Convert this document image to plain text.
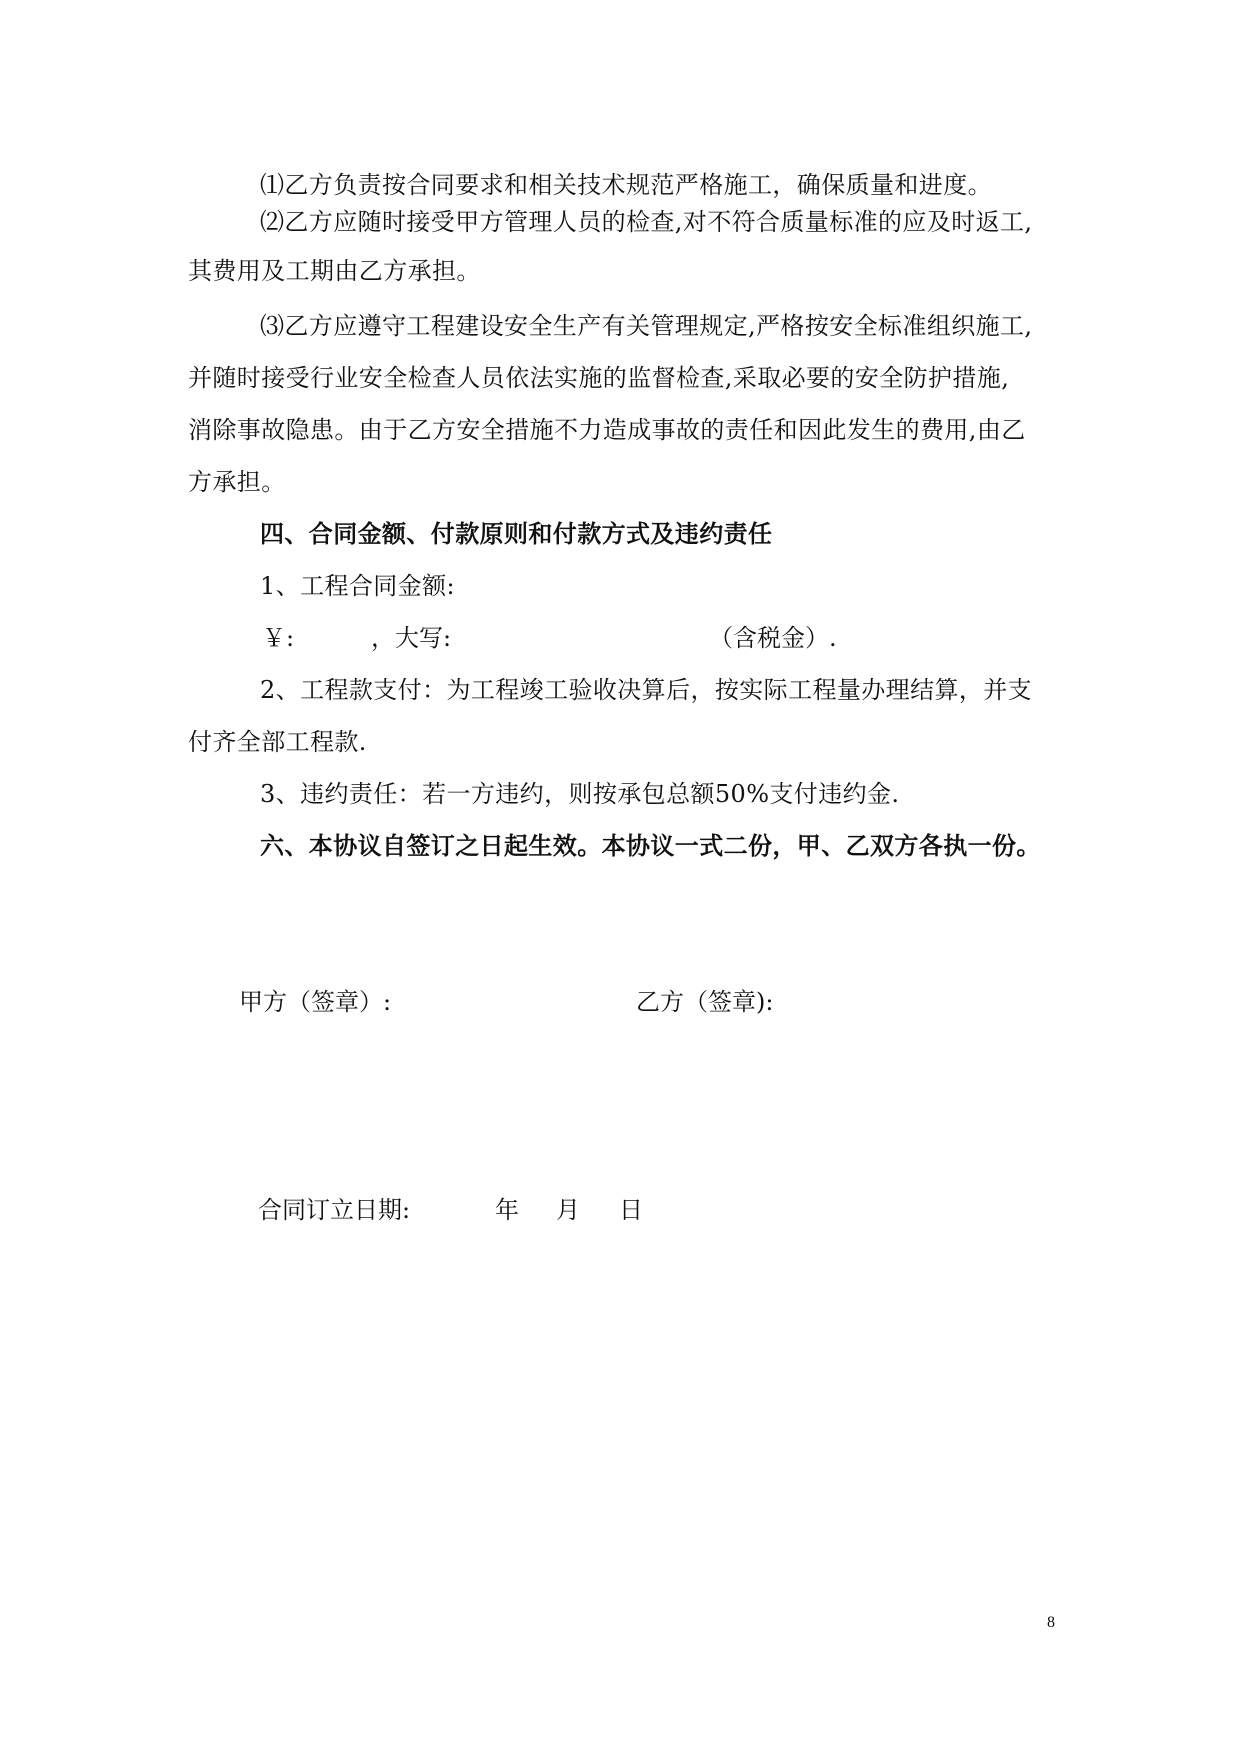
⑴乙方负责按合同要求和相关技术规范严格施工，确保质量和进度。
⑵乙方应随时接受甲方管理人员的检查,对不符合质量标准的应及时返工,
其费用及工期由乙方承担。
⑶乙方应遵守工程建设安全生产有关管理规定,严格按安全标准组织施工,
并随时接受行业安全检查人员依法实施的监督检查,采取必要的安全防护措施,
消除事故隐患。由于乙方安全措施不力造成事故的责任和因此发生的费用,由乙
方承担。
四、合同金额、付款原则和付款方式及违约责任
1、工程合同金额:
￥:	，大写:	（含税金）.
2、工程款支付：为工程竣工验收决算后，按实际工程量办理结算，并支
付齐全部工程款.
3、违约责任：若一方违约，则按承包总额50%支付违约金.
六、本协议自签订之日起生效。本协议一式二份，甲、乙双方各执一份。
甲方（签章）:	乙方（签章):
合同订立日期:	年 月 日
8
